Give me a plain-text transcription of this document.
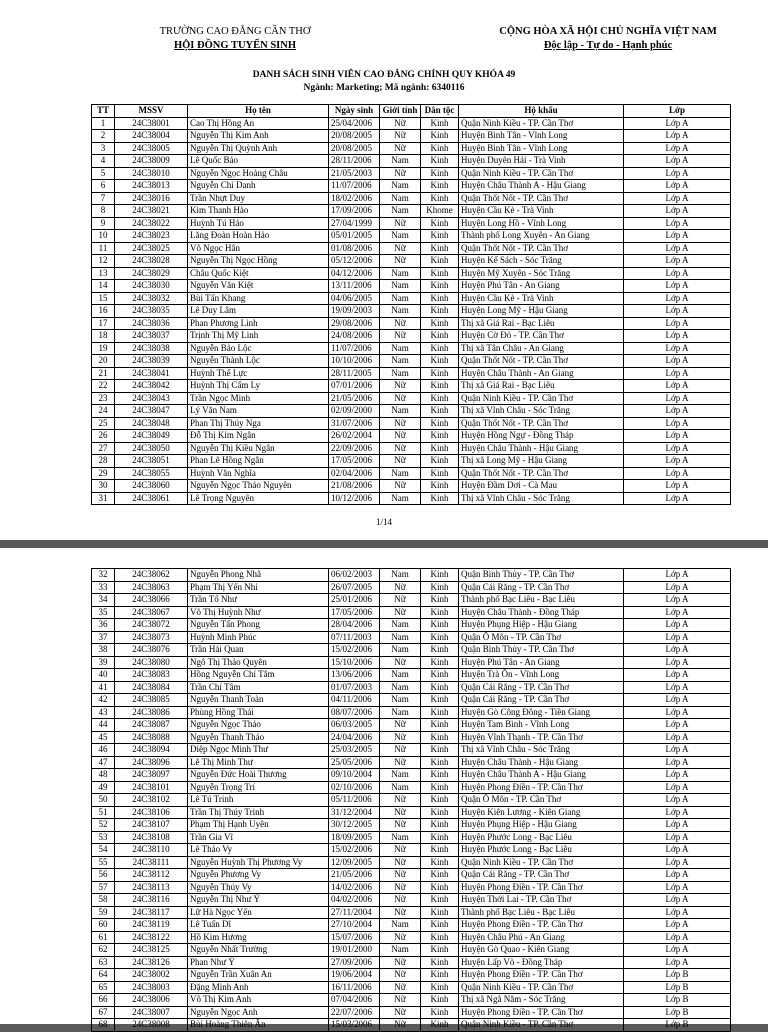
TRƯỜNG CAO ĐẲNG CẦN THƠ
HỘI ĐỒNG TUYỂN SINH
CỘNG HÒA XÃ HỘI CHỦ NGHĨA VIỆT NAM
Độc lập - Tự do - Hạnh phúc
DANH SÁCH SINH VIÊN CAO ĐẲNG CHÍNH QUY KHÓA 49
Ngành: Marketing; Mã ngành: 6340116
TT	MSSV	Họ tên	Ngày sinh	Giới tính	Dân tộc	Hộ khẩu	Lớp
1	24C38001	Cao Thị Hồng An	25/04/2006	Nữ	Kinh	Quận Ninh Kiều - TP. Cần Thơ	Lớp A
2	24C38004	Nguyễn Thị Kim Anh	20/08/2005	Nữ	Kinh	Huyện Bình Tân - Vĩnh Long	Lớp A
3	24C38005	Nguyễn Thị Quỳnh Anh	20/08/2005	Nữ	Kinh	Huyện Bình Tân - Vĩnh Long	Lớp A
4	24C38009	Lê Quốc Bảo	28/11/2006	Nam	Kinh	Huyện Duyên Hải - Trà Vinh	Lớp A
5	24C38010	Nguyễn Ngọc Hoàng Châu	21/05/2003	Nữ	Kinh	Quận Ninh Kiều - TP. Cần Thơ	Lớp A
6	24C38013	Nguyễn Chí Danh	11/07/2006	Nam	Kinh	Huyện Châu Thành A - Hậu Giang	Lớp A
7	24C38016	Trần Nhựt Duy	18/02/2006	Nam	Kinh	Quận Thốt Nốt - TP. Cần Thơ	Lớp A
8	24C38021	Kim Thanh Hào	17/09/2006	Nam	Khome	Huyện Cầu Kè - Trà Vinh	Lớp A
9	24C38022	Huỳnh Tú Hảo	27/04/1999	Nữ	Kinh	Huyện Long Hồ - Vĩnh Long	Lớp A
10	24C38023	Lăng Đoàn Hoàn Hảo	05/01/2005	Nam	Kinh	Thành phố Long Xuyên - An Giang	Lớp A
11	24C38025	Võ Ngọc Hân	01/08/2006	Nữ	Kinh	Quận Thốt Nốt - TP. Cần Thơ	Lớp A
12	24C38028	Nguyễn Thị Ngọc Hồng	05/12/2006	Nữ	Kinh	Huyện Kế Sách - Sóc Trăng	Lớp A
13	24C38029	Châu Quốc Kiệt	04/12/2006	Nam	Kinh	Huyện Mỹ Xuyên - Sóc Trăng	Lớp A
14	24C38030	Nguyễn Văn Kiệt	13/11/2006	Nam	Kinh	Huyện Phú Tân - An Giang	Lớp A
15	24C38032	Bùi Tấn Khang	04/06/2005	Nam	Kinh	Huyện Cầu Kè - Trà Vinh	Lớp A
16	24C38035	Lê Duy Lâm	19/09/2003	Nam	Kinh	Huyện Long Mỹ - Hậu Giang	Lớp A
17	24C38036	Phan Phương Linh	29/08/2006	Nữ	Kinh	Thị xã Giá Rai - Bạc Liêu	Lớp A
18	24C38037	Trịnh Thị Mỹ Linh	24/08/2006	Nữ	Kinh	Huyện Cờ Đỏ - TP. Cần Thơ	Lớp A
19	24C38038	Nguyễn Bảo Lộc	11/07/2006	Nam	Kinh	Thị xã Tân Châu - An Giang	Lớp A
20	24C38039	Nguyễn Thành Lộc	10/10/2006	Nam	Kinh	Quận Thốt Nốt - TP. Cần Thơ	Lớp A
21	24C38041	Huỳnh Thế Lực	28/11/2005	Nam	Kinh	Huyện Châu Thành - An Giang	Lớp A
22	24C38042	Huỳnh Thị Cẩm Ly	07/01/2006	Nữ	Kinh	Thị xã Giá Rai - Bạc Liêu	Lớp A
23	24C38043	Trần Ngọc Minh	21/05/2006	Nữ	Kinh	Quận Ninh Kiều - TP. Cần Thơ	Lớp A
24	24C38047	Lý Văn Nam	02/09/2000	Nam	Kinh	Thị xã Vĩnh Châu - Sóc Trăng	Lớp A
25	24C38048	Phan Thị Thúy Nga	31/07/2006	Nữ	Kinh	Quận Thốt Nốt - TP. Cần Thơ	Lớp A
26	24C38049	Đỗ Thị Kim Ngân	26/02/2004	Nữ	Kinh	Huyện Hồng Ngự - Đồng Tháp	Lớp A
27	24C38050	Nguyễn Thị Kiều Ngân	22/09/2006	Nữ	Kinh	Huyện Châu Thành - Hậu Giang	Lớp A
28	24C38051	Phan Lê Hồng Ngân	17/05/2006	Nữ	Kinh	Thị xã Long Mỹ - Hậu Giang	Lớp A
29	24C38055	Huỳnh Văn Nghĩa	02/04/2006	Nam	Kinh	Quận Thốt Nốt - TP. Cần Thơ	Lớp A
30	24C38060	Nguyễn Ngọc Thảo Nguyên	21/08/2006	Nữ	Kinh	Huyện Đầm Dơi - Cà Mau	Lớp A
31	24C38061	Lê Trọng Nguyên	10/12/2006	Nam	Kinh	Thị xã Vĩnh Châu - Sóc Trăng	Lớp A
1/14
32	24C38062	Nguyễn Phong Nhã	06/02/2003	Nam	Kinh	Quận Bình Thủy - TP. Cần Thơ	Lớp A
33	24C38063	Phạm Thị Yến Nhi	26/07/2005	Nữ	Kinh	Quận Cái Răng - TP. Cần Thơ	Lớp A
34	24C38066	Trần Tố Như	25/01/2006	Nữ	Kinh	Thành phố Bạc Liêu - Bạc Liêu	Lớp A
35	24C38067	Võ Thị Huỳnh Như	17/05/2006	Nữ	Kinh	Huyện Châu Thành - Đồng Tháp	Lớp A
36	24C38072	Nguyễn Tấn Phong	28/04/2006	Nam	Kinh	Huyện Phụng Hiệp - Hậu Giang	Lớp A
37	24C38073	Huỳnh Minh Phúc	07/11/2003	Nam	Kinh	Quận Ô Môn - TP. Cần Thơ	Lớp A
38	24C38076	Trần Hải Quan	15/02/2006	Nam	Kinh	Quận Bình Thủy - TP. Cần Thơ	Lớp A
39	24C38080	Ngô Thị Thảo Quyên	15/10/2006	Nữ	Kinh	Huyện Phú Tân - An Giang	Lớp A
40	24C38083	Hồng Nguyễn Chí Tâm	13/06/2006	Nam	Kinh	Huyện Trà Ôn - Vĩnh Long	Lớp A
41	24C38084	Trần Chí Tâm	01/07/2003	Nam	Kinh	Quận Cái Răng - TP. Cần Thơ	Lớp A
42	24C38085	Nguyễn Thanh Toàn	04/11/2006	Nam	Kinh	Quận Cái Răng - TP. Cần Thơ	Lớp A
43	24C38086	Phùng Hồng Thái	08/07/2006	Nam	Kinh	Huyện Gò Công Đông - Tiền Giang	Lớp A
44	24C38087	Nguyễn Ngọc Thảo	06/03/2005	Nữ	Kinh	Huyện Tam Bình - Vĩnh Long	Lớp A
45	24C38088	Nguyễn Thanh Thảo	24/04/2006	Nữ	Kinh	Huyện Vĩnh Thạnh - TP. Cần Thơ	Lớp A
46	24C38094	Diệp Ngọc Minh Thư	25/03/2005	Nữ	Kinh	Thị xã Vĩnh Châu - Sóc Trăng	Lớp A
47	24C38096	Lê Thị Minh Thư	25/05/2006	Nữ	Kinh	Huyện Châu Thành - Hậu Giang	Lớp A
48	24C38097	Nguyễn Đức Hoài Thương	09/10/2004	Nam	Kinh	Huyện Châu Thành A - Hậu Giang	Lớp A
49	24C38101	Nguyễn Trọng Trí	02/10/2006	Nam	Kinh	Huyện Phong Điền - TP. Cần Thơ	Lớp A
50	24C38102	Lê Tú Trinh	05/11/2006	Nữ	Kinh	Quận Ô Môn - TP. Cần Thơ	Lớp A
51	24C38106	Trần Thị Thúy Trinh	31/12/2004	Nữ	Kinh	Huyện Kiên Lương - Kiên Giang	Lớp A
52	24C38107	Phạm Thị Hạnh Uyên	30/12/2005	Nữ	Kinh	Huyện Phụng Hiệp - Hậu Giang	Lớp A
53	24C38108	Trần Gia Vĩ	18/09/2005	Nam	Kinh	Huyện Phước Long - Bạc Liêu	Lớp A
54	24C38110	Lê Thảo Vy	15/02/2006	Nữ	Kinh	Huyện Phước Long - Bạc Liêu	Lớp A
55	24C38111	Nguyễn Huỳnh Thị Phương Vy	12/09/2005	Nữ	Kinh	Quận Ninh Kiều - TP. Cần Thơ	Lớp A
56	24C38112	Nguyễn Phương Vy	21/05/2006	Nữ	Kinh	Quận Cái Răng - TP. Cần Thơ	Lớp A
57	24C38113	Nguyễn Thúy Vy	14/02/2006	Nữ	Kinh	Huyện Phong Điền - TP. Cần Thơ	Lớp A
58	24C38116	Nguyễn Thị Như Ý	04/02/2006	Nữ	Kinh	Huyện Thới Lai - TP. Cần Thơ	Lớp A
59	24C38117	Lữ Hà Ngọc Yến	27/11/2004	Nữ	Kinh	Thành phố Bạc Liêu - Bạc Liêu	Lớp A
60	24C38119	Lê Tuấn Dĩ	27/10/2004	Nam	Kinh	Huyện Phong Điền - TP. Cần Thơ	Lớp A
61	24C38122	Hồ Kim Hương	15/07/2006	Nữ	Kinh	Huyện Châu Phú - An Giang	Lớp A
62	24C38125	Nguyễn Nhất Trường	19/01/2000	Nam	Kinh	Huyện Gò Quao - Kiên Giang	Lớp A
63	24C38126	Phan Như Ý	27/09/2006	Nữ	Kinh	Huyện Lấp Vò - Đồng Tháp	Lớp A
64	24C38002	Nguyễn Trần Xuân An	19/06/2004	Nữ	Kinh	Huyện Phong Điền - TP. Cần Thơ	Lớp B
65	24C38003	Đặng Minh Anh	16/11/2006	Nữ	Kinh	Quận Ninh Kiều - TP. Cần Thơ	Lớp B
66	24C38006	Võ Thị Kim Anh	07/04/2006	Nữ	Kinh	Thị xã Ngã Năm - Sóc Trăng	Lớp B
67	24C38007	Nguyễn Ngọc Anh	22/07/2006	Nữ	Kinh	Huyện Phong Điền - TP. Cần Thơ	Lớp B
68	24C38008	Bùi Hoàng Thiên Ân	15/03/2006	Nữ	Kinh	Quận Ninh Kiều - TP. Cần Thơ	Lớp B
